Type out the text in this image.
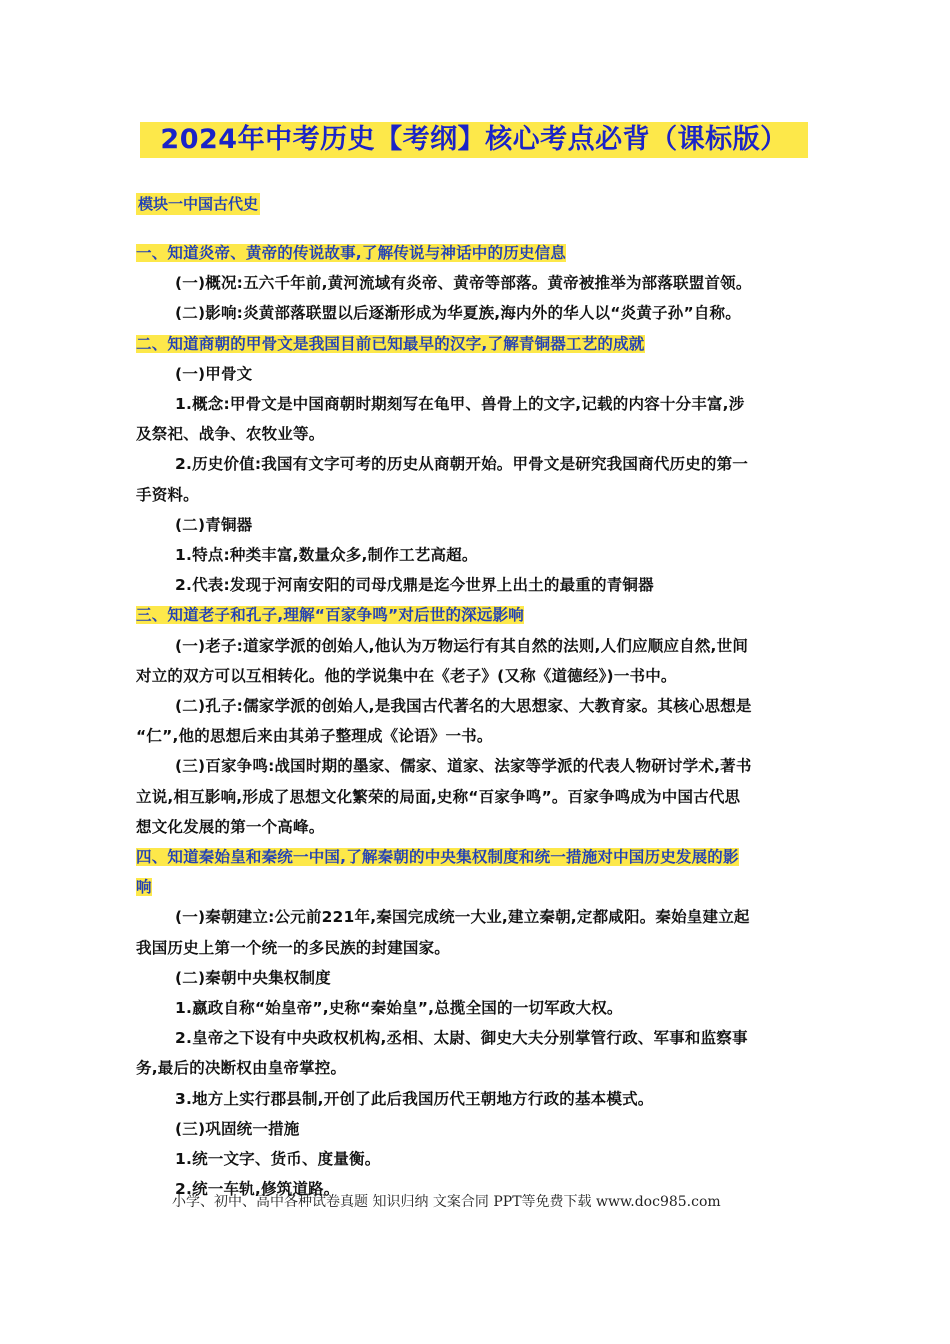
2024年中考历史【考纲】核心考点必背（课标版）
模块一中国古代史
一、知道炎帝、黄帝的传说故事,了解传说与神话中的历史信息
(一)概况:五六千年前,黄河流域有炎帝、黄帝等部落。黄帝被推举为部落联盟首领。
(二)影响:炎黄部落联盟以后逐渐形成为华夏族,海内外的华人以“炎黄子孙”自称。
二、知道商朝的甲骨文是我国目前已知最早的汉字,了解青铜器工艺的成就
(一)甲骨文
1.概念:甲骨文是中国商朝时期刻写在龟甲、兽骨上的文字,记载的内容十分丰富,涉
及祭祀、战争、农牧业等。
2.历史价值:我国有文字可考的历史从商朝开始。甲骨文是研究我国商代历史的第一
手资料。
(二)青铜器
1.特点:种类丰富,数量众多,制作工艺高超。
2.代表:发现于河南安阳的司母戊鼎是迄今世界上出土的最重的青铜器
三、知道老子和孔子,理解“百家争鸣”对后世的深远影响
(一)老子:道家学派的创始人,他认为万物运行有其自然的法则,人们应顺应自然,世间
对立的双方可以互相转化。他的学说集中在《老子》(又称《道德经》)一书中。
(二)孔子:儒家学派的创始人,是我国古代著名的大思想家、大教育家。其核心思想是
“仁”,他的思想后来由其弟子整理成《论语》一书。
(三)百家争鸣:战国时期的墨家、儒家、道家、法家等学派的代表人物研讨学术,著书
立说,相互影响,形成了思想文化繁荣的局面,史称“百家争鸣”。百家争鸣成为中国古代思
想文化发展的第一个高峰。
四、知道秦始皇和秦统一中国,了解秦朝的中央集权制度和统一措施对中国历史发展的影
响
(一)秦朝建立:公元前221年,秦国完成统一大业,建立秦朝,定都咸阳。秦始皇建立起
我国历史上第一个统一的多民族的封建国家。
(二)秦朝中央集权制度
1.嬴政自称“始皇帝”,史称“秦始皇”,总揽全国的一切军政大权。
2.皇帝之下设有中央政权机构,丞相、太尉、御史大夫分别掌管行政、军事和监察事
务,最后的决断权由皇帝掌控。
3.地方上实行郡县制,开创了此后我国历代王朝地方行政的基本模式。
(三)巩固统一措施
1.统一文字、货币、度量衡。
2.统一车轨,修筑道路。
小学、初中、高中各种试卷真题 知识归纳 文案合同 PPT等免费下载 www.doc985.com
